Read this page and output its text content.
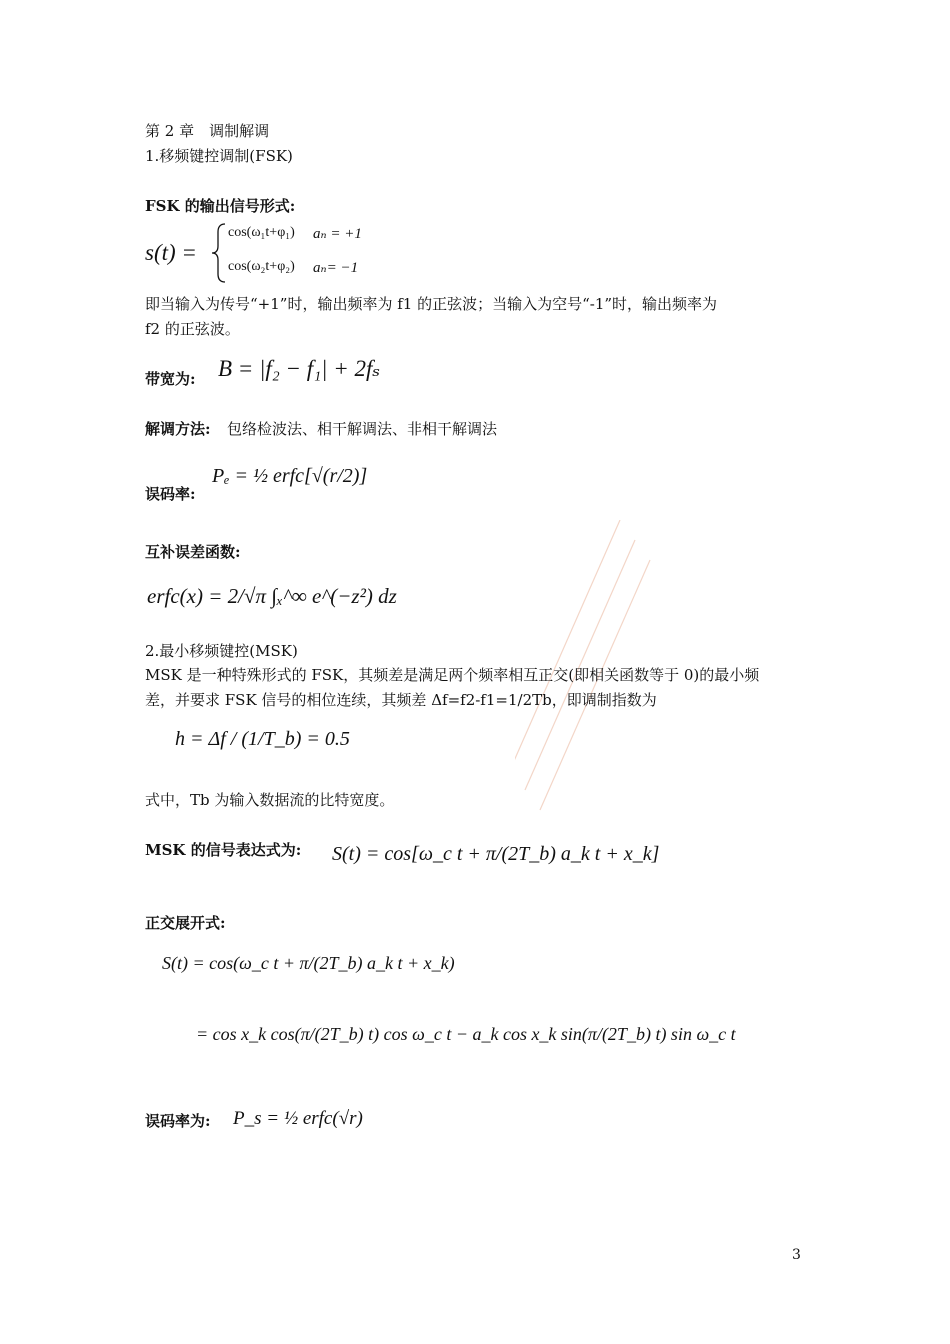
第 2 章　调制解调
1.移频键控调制(FSK)
FSK 的输出信号形式:
s(t) =
cos(ω₁t+φ₁) aₙ = +1
cos(ω₂t+φ₂) aₙ= −1
即当输入为传号“+1”时，输出频率为 f1 的正弦波；当输入为空号“-1”时，输出频率为
f2 的正弦波。
带宽为: B = |f₂ − f₁| + 2fₛ
解调方法: 包络检波法、相干解调法、非相干解调法
误码率:
Pₑ = ½ erfc[√(r/2)]
互补误差函数:
erfc(x) = 2/√π ∫ₓ^∞ e^(−z²) dz
2.最小移频键控(MSK)
MSK 是一种特殊形式的 FSK，其频差是满足两个频率相互正交(即相关函数等于 0)的最小频
差，并要求 FSK 信号的相位连续，其频差 Δf=f2-f1=1/2Tb，即调制指数为
h = Δf / (1/T_b) = 0.5
式中，Tb 为输入数据流的比特宽度。
MSK 的信号表达式为: S(t) = cos[ω_c t + π/(2T_b) a_k t + x_k]
正交展开式:
S(t) = cos(ω_c t + π/(2T_b) a_k t + x_k)
= cos x_k cos(π/(2T_b) t) cos ω_c t − a_k cos x_k sin(π/(2T_b) t) sin ω_c t
误码率为: P_s = ½ erfc(√r)
3
